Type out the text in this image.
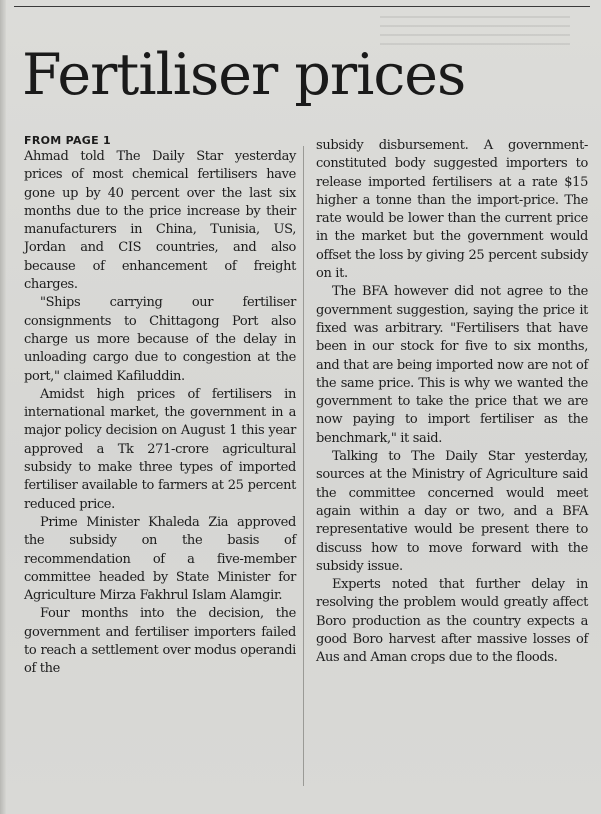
Fertiliser prices
FROM PAGE 1

Ahmad told The Daily Star yesterday prices of most chemical fertilisers have gone up by 40 percent over the last six months due to the price increase by their manufacturers in China, Tunisia, US, Jordan and CIS countries, and also because of enhancement of freight charges.

"Ships carrying our fertiliser consignments to Chittagong Port also charge us more because of the delay in unloading cargo due to congestion at the port," claimed Kafiluddin.

Amidst high prices of fertilisers in international market, the government in a major policy decision on August 1 this year approved a Tk 271-crore agricultural subsidy to make three types of imported fertiliser available to farmers at 25 percent reduced price.

Prime Minister Khaleda Zia approved the subsidy on the basis of recommendation of a five-member committee headed by State Minister for Agriculture Mirza Fakhrul Islam Alamgir.

Four months into the decision, the government and fertiliser importers failed to reach a settlement over modus operandi of the

subsidy disbursement. A government-constituted body suggested importers to release imported fertilisers at a rate $15 higher a tonne than the import-price. The rate would be lower than the current price in the market but the government would offset the loss by giving 25 percent subsidy on it.

The BFA however did not agree to the government suggestion, saying the price it fixed was arbitrary. "Fertilisers that have been in our stock for five to six months, and that are being imported now are not of the same price. This is why we wanted the government to take the price that we are now paying to import fertiliser as the benchmark," it said.

Talking to The Daily Star yesterday, sources at the Ministry of Agriculture said the committee concerned would meet again within a day or two, and a BFA representative would be present there to discuss how to move forward with the subsidy issue.

Experts noted that further delay in resolving the problem would greatly affect Boro production as the country expects a good Boro harvest after massive losses of Aus and Aman crops due to the floods.
